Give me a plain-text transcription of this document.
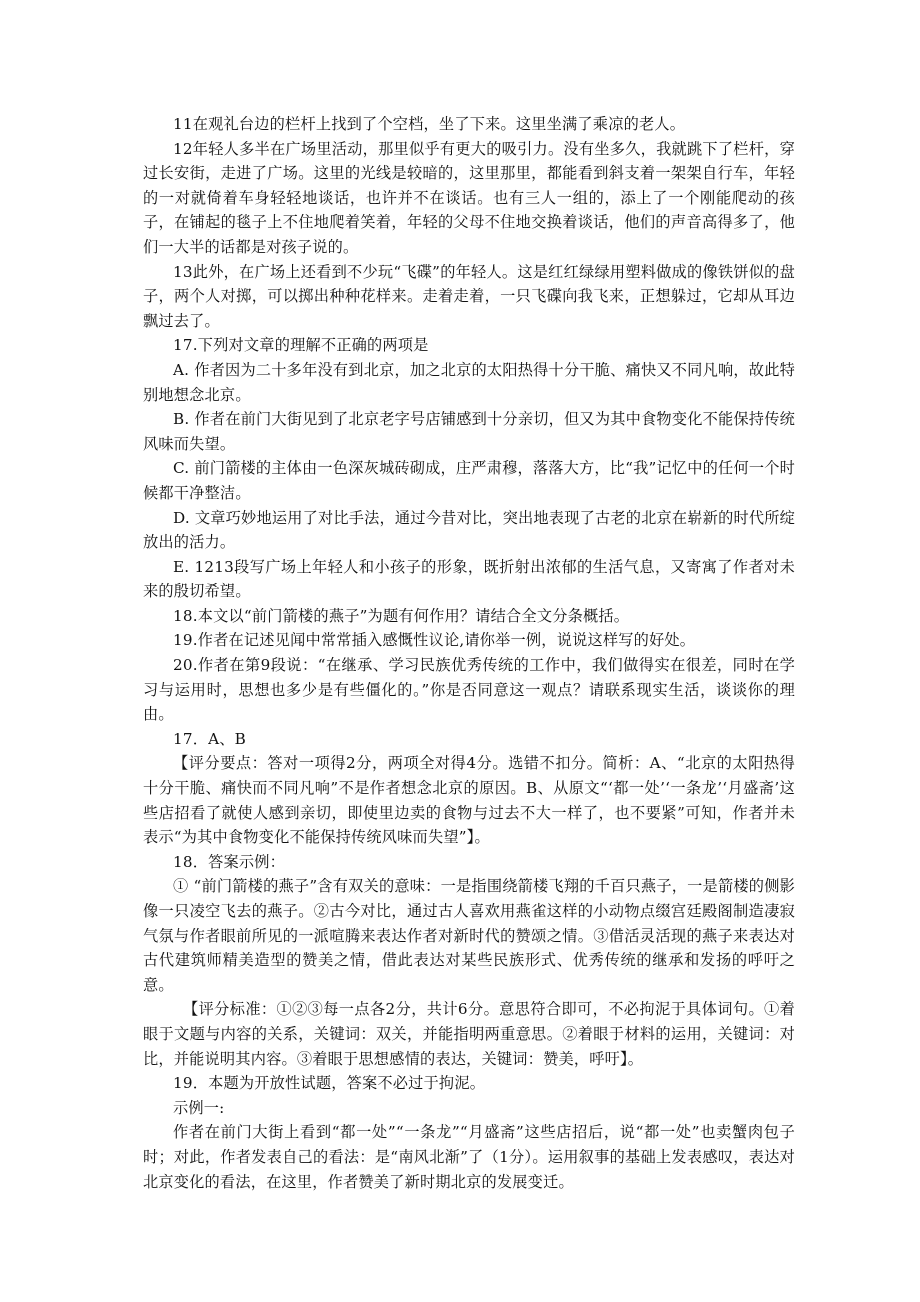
11在观礼台边的栏杆上找到了个空档，坐了下来。这里坐满了乘凉的老人。

12年轻人多半在广场里活动，那里似乎有更大的吸引力。没有坐多久，我就跳下了栏杆，穿过长安街，走进了广场。这里的光线是较暗的，这里那里，都能看到斜支着一架架自行车，年轻的一对就倚着车身轻轻地谈话，也许并不在谈话。也有三人一组的，添上了一个刚能爬动的孩子，在铺起的毯子上不住地爬着笑着，年轻的父母不住地交换着谈话，他们的声音高得多了，他们一大半的话都是对孩子说的。

13此外，在广场上还看到不少玩“飞碟”的年轻人。这是红红绿绿用塑料做成的像铁饼似的盘子，两个人对掷，可以掷出种种花样来。走着走着，一只飞碟向我飞来，正想躲过，它却从耳边飘过去了。

17.下列对文章的理解不正确的两项是

A. 作者因为二十多年没有到北京，加之北京的太阳热得十分干脆、痛快又不同凡响，故此特别地想念北京。

B. 作者在前门大街见到了北京老字号店铺感到十分亲切，但又为其中食物变化不能保持传统风味而失望。

C. 前门箭楼的主体由一色深灰城砖砌成，庄严肃穆，落落大方，比“我”记忆中的任何一个时候都干净整洁。

D. 文章巧妙地运用了对比手法，通过今昔对比，突出地表现了古老的北京在崭新的时代所绽放出的活力。

E. 1213段写广场上年轻人和小孩子的形象，既折射出浓郁的生活气息，又寄寓了作者对未来的殷切希望。

18.本文以“前门箭楼的燕子”为题有何作用？请结合全文分条概括。

19.作者在记述见闻中常常插入感慨性议论,请你举一例，说说这样写的好处。

20.作者在第9段说：“在继承、学习民族优秀传统的工作中，我们做得实在很差，同时在学习与运用时，思想也多少是有些僵化的。”你是否同意这一观点？请联系现实生活，谈谈你的理由。

17．A、B

【评分要点：答对一项得2分，两项全对得4分。选错不扣分。简析：A、“北京的太阳热得十分干脆、痛快而不同凡响”不是作者想念北京的原因。B、从原文“‘都一处’‘一条龙’‘月盛斋’这些店招看了就使人感到亲切，即使里边卖的食物与过去不大一样了，也不要紧”可知，作者并未表示“为其中食物变化不能保持传统风味而失望”】。

18．答案示例：

① “前门箭楼的燕子”含有双关的意味：一是指围绕箭楼飞翔的千百只燕子，一是箭楼的侧影像一只凌空飞去的燕子。②古今对比，通过古人喜欢用燕雀这样的小动物点缀宫廷殿阁制造凄寂气氛与作者眼前所见的一派喧腾来表达作者对新时代的赞颂之情。③借活灵活现的燕子来表达对古代建筑师精美造型的赞美之情，借此表达对某些民族形式、优秀传统的继承和发扬的呼吁之意。

【评分标准：①②③每一点各2分，共计6分。意思符合即可，不必拘泥于具体词句。①着眼于文题与内容的关系，关键词：双关，并能指明两重意思。②着眼于材料的运用，关键词：对比，并能说明其内容。③着眼于思想感情的表达，关键词：赞美，呼吁】。

19．本题为开放性试题，答案不必过于拘泥。

示例一:

作者在前门大街上看到“都一处”“一条龙”“月盛斋”这些店招后，说“都一处”也卖蟹肉包子时；对此，作者发表自己的看法：是“南风北渐”了（1分）。运用叙事的基础上发表感叹，表达对北京变化的看法，在这里，作者赞美了新时期北京的发展变迁。
